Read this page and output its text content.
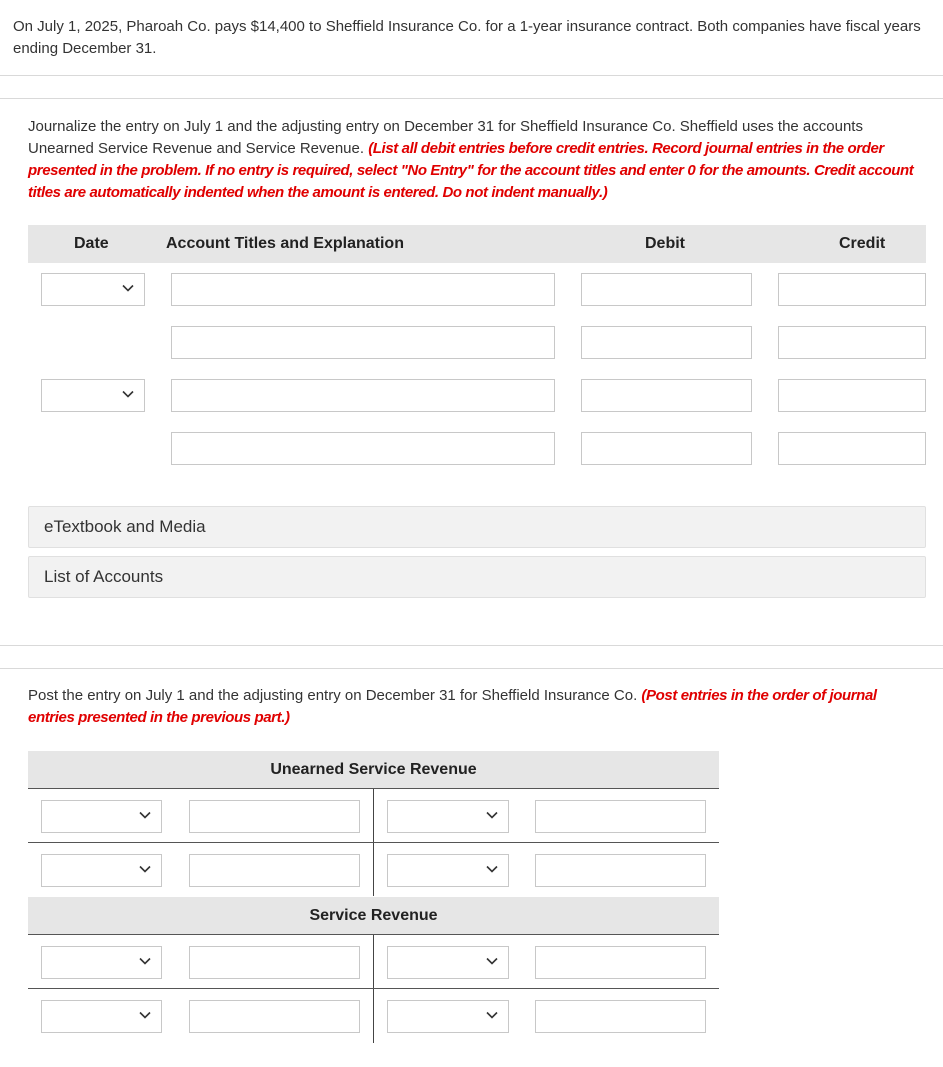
On July 1, 2025, Pharoah Co. pays $14,400 to Sheffield Insurance Co. for a 1-year insurance contract. Both companies have fiscal years ending December 31.
Journalize the entry on July 1 and the adjusting entry on December 31 for Sheffield Insurance Co. Sheffield uses the accounts Unearned Service Revenue and Service Revenue. (List all debit entries before credit entries. Record journal entries in the order presented in the problem. If no entry is required, select "No Entry" for the account titles and enter 0 for the amounts. Credit account titles are automatically indented when the amount is entered. Do not indent manually.)
Date	Account Titles and Explanation	Debit	Credit
eTextbook and Media
List of Accounts
Post the entry on July 1 and the adjusting entry on December 31 for Sheffield Insurance Co. (Post entries in the order of journal entries presented in the previous part.)
Unearned Service Revenue
Service Revenue
